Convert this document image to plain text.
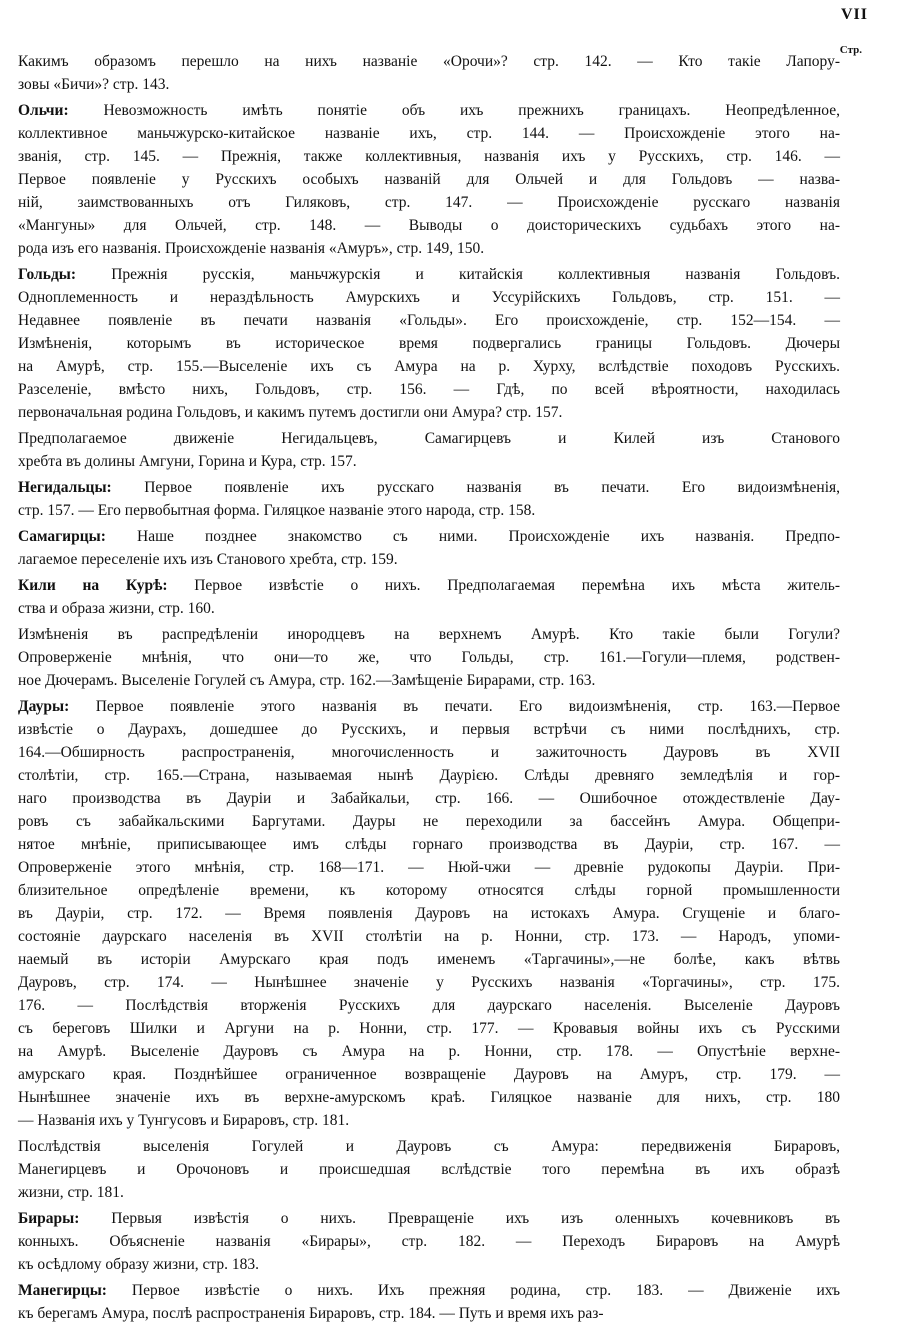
VII
Стр.
Какимъ образомъ перешло на нихъ названіе «Орочи»? стр. 142. — Кто такіе Лапору-
зовы «Бичи»? стр. 143.
Ольчи: Невозможность имѣть понятіе объ ихъ прежнихъ границахъ. Неопредѣленное,
коллективное маньчжурско-китайское названіе ихъ, стр. 144. — Происхожденіе этого на-
званія, стр. 145. — Прежнія, также коллективныя, названія ихъ у Русскихъ, стр. 146. —
Первое появленіе у Русскихъ особыхъ названій для Ольчей и для Гольдовъ — назва-
ній, заимствованныхъ отъ Гиляковъ, стр. 147. — Происхожденіе русскаго названія
«Мангуны» для Ольчей, стр. 148. — Выводы о доисторическихъ судьбахъ этого на-
рода изъ его названія. Происхожденіе названія «Амуръ», стр. 149, 150.
Гольды: Прежнія русскія, маньчжурскія и китайскія коллективныя названія Гольдовъ.
Одноплеменность и нераздѣльность Амурскихъ и Уссурійскихъ Гольдовъ, стр. 151. —
Недавнее появленіе въ печати названія «Гольды». Его происхожденіе, стр. 152—154. —
Измѣненія, которымъ въ историческое время подвергались границы Гольдовъ. Дючеры
на Амурѣ, стр. 155.—Выселеніе ихъ съ Амура на р. Хурху, вслѣдствіе походовъ Русскихъ.
Разселеніе, вмѣсто нихъ, Гольдовъ, стр. 156. — Гдѣ, по всей вѣроятности, находилась
первоначальная родина Гольдовъ, и какимъ путемъ достигли они Амура? стр. 157.
Предполагаемое движеніе Негидальцевъ, Самагирцевъ и Килей изъ Станового
хребта въ долины Амгуни, Горина и Кура, стр. 157.
Негидальцы: Первое появленіе ихъ русскаго названія въ печати. Его видоизмѣненія,
стр. 157. — Его первобытная форма. Гиляцкое названіе этого народа, стр. 158.
Самагирцы: Наше позднее знакомство съ ними. Происхожденіе ихъ названія. Предпо-
лагаемое переселеніе ихъ изъ Станового хребта, стр. 159.
Кили на Курѣ: Первое извѣстіе о нихъ. Предполагаемая перемѣна ихъ мѣста житель-
ства и образа жизни, стр. 160.
Измѣненія въ распредѣленіи инородцевъ на верхнемъ Амурѣ. Кто такіе были Гогули?
Опроверженіе мнѣнія, что они—то же, что Гольды, стр. 161.—Гогули—племя, родствен-
ное Дючерамъ. Выселеніе Гогулей съ Амура, стр. 162.—Замѣщеніе Бирарами, стр. 163.
Дауры: Первое появленіе этого названія въ печати. Его видоизмѣненія, стр. 163.—Первое
извѣстіе о Даурахъ, дошедшее до Русскихъ, и первыя встрѣчи съ ними послѣднихъ, стр.
164.—Обширность распространенія, многочисленность и зажиточность Дауровъ въ XVII
столѣтіи, стр. 165.—Страна, называемая нынѣ Даурією. Слѣды древняго земледѣлія и гор-
наго производства въ Дауріи и Забайкальи, стр. 166. — Ошибочное отождествленіе Дау-
ровъ съ забайкальскими Баргутами. Дауры не переходили за бассейнъ Амура. Общепри-
нятое мнѣніе, приписывающее имъ слѣды горнаго производства въ Дауріи, стр. 167. —
Опроверженіе этого мнѣнія, стр. 168—171. — Нюй-чжи — древніе рудокопы Дауріи. При-
близительное опредѣленіе времени, къ которому относятся слѣды горной промышленности
въ Дауріи, стр. 172. — Время появленія Дауровъ на истокахъ Амура. Сгущеніе и благо-
состояніе даурскаго населенія въ XVII столѣтіи на р. Нонни, стр. 173. — Народъ, упоми-
наемый въ исторіи Амурскаго края подъ именемъ «Таргачины»,—не болѣе, какъ вѣтвь
Дауровъ, стр. 174. — Нынѣшнее значеніе у Русскихъ названія «Торгачины», стр. 175.
176. — Послѣдствія вторженія Русскихъ для даурскаго населенія. Выселеніе Дауровъ
съ береговъ Шилки и Аргуни на р. Нонни, стр. 177. — Кровавыя войны ихъ съ Русскими
на Амурѣ. Выселеніе Дауровъ съ Амура на р. Нонни, стр. 178. — Опустѣніе верхне-
амурскаго края. Позднѣйшее ограниченное возвращеніе Дауровъ на Амуръ, стр. 179. —
Нынѣшнее значеніе ихъ въ верхне-амурскомъ краѣ. Гиляцкое названіе для нихъ, стр. 180
— Названія ихъ у Тунгусовъ и Бираровъ, стр. 181.
Послѣдствія выселенія Гогулей и Дауровъ съ Амура: передвиженія Бираровъ,
Манегирцевъ и Орочоновъ и происшедшая вслѣдствіе того перемѣна въ ихъ образѣ
жизни, стр. 181.
Бирары: Первыя извѣстія о нихъ. Превращеніе ихъ изъ оленныхъ кочевниковъ въ
конныхъ. Объясненіе названія «Бирары», стр. 182. — Переходъ Бираровъ на Амурѣ
къ осѣдлому образу жизни, стр. 183.
Манегирцы: Первое извѣстіе о нихъ. Ихъ прежняя родина, стр. 183. — Движеніе ихъ
къ берегамъ Амура, послѣ распространенія Бираровъ, стр. 184. — Путь и время ихъ раз-
